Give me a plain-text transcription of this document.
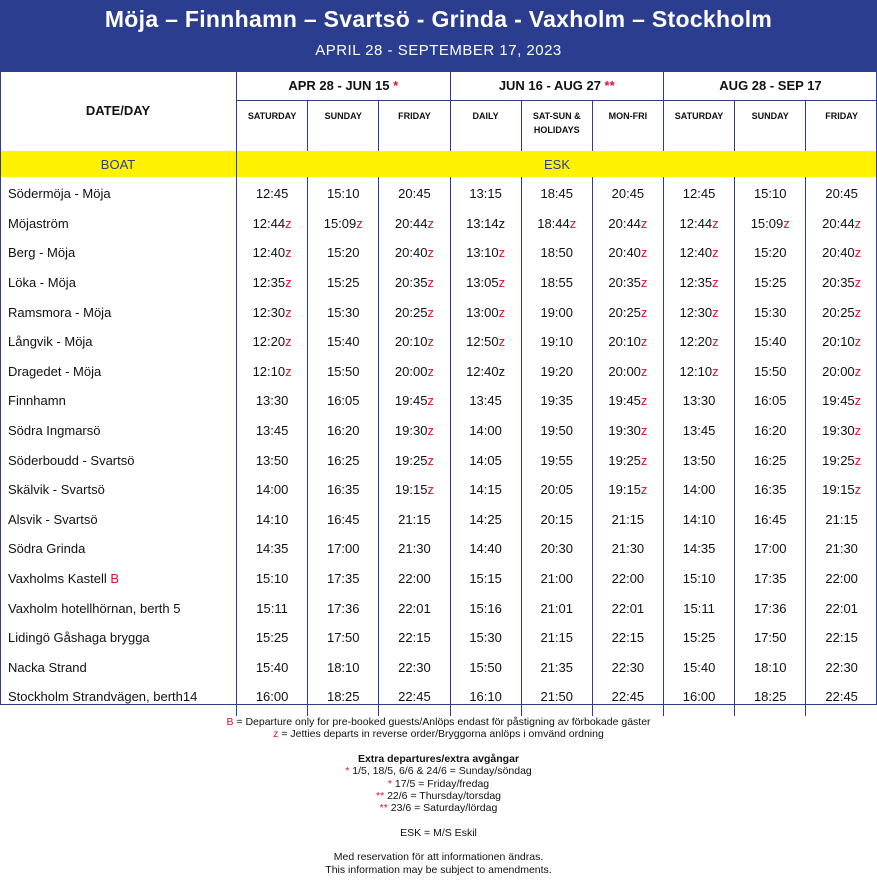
Möja – Finnhamn – Svartsö - Grinda - Vaxholm – Stockholm
APRIL 28 - SEPTEMBER 17, 2023
DATE/DAY	APR 28 - JUN 15 *			JUN 16 - AUG 27 **			AUG 28 - SEP 17		
	SATURDAY	SUNDAY	FRIDAY	DAILY	SAT-SUN &
HOLIDAYS	MON-FRI	SATURDAY	SUNDAY	FRIDAY

BOAT	ESK								

Södermöja - Möja	12:45	15:10	20:45	13:15	18:45	20:45	12:45	15:10	20:45
Möjaström	12:44z	15:09z	20:44z	13:14z	18:44z	20:44z	12:44z	15:09z	20:44z
Berg - Möja	12:40z	15:20	20:40z	13:10z	18:50	20:40z	12:40z	15:20	20:40z
Löka - Möja	12:35z	15:25	20:35z	13:05z	18:55	20:35z	12:35z	15:25	20:35z
Ramsmora - Möja	12:30z	15:30	20:25z	13:00z	19:00	20:25z	12:30z	15:30	20:25z
Långvik - Möja	12:20z	15:40	20:10z	12:50z	19:10	20:10z	12:20z	15:40	20:10z
Dragedet - Möja	12:10z	15:50	20:00z	12:40z	19:20	20:00z	12:10z	15:50	20:00z
Finnhamn	13:30	16:05	19:45z	13:45	19:35	19:45z	13:30	16:05	19:45z
Södra Ingmarsö	13:45	16:20	19:30z	14:00	19:50	19:30z	13:45	16:20	19:30z
Söderboudd - Svartsö	13:50	16:25	19:25z	14:05	19:55	19:25z	13:50	16:25	19:25z
Skälvik - Svartsö	14:00	16:35	19:15z	14:15	20:05	19:15z	14:00	16:35	19:15z
Alsvik - Svartsö	14:10	16:45	21:15	14:25	20:15	21:15	14:10	16:45	21:15
Södra Grinda	14:35	17:00	21:30	14:40	20:30	21:30	14:35	17:00	21:30
Vaxholms Kastell B	15:10	17:35	22:00	15:15	21:00	22:00	15:10	17:35	22:00
Vaxholm hotellhörnan, berth 5	15:11	17:36	22:01	15:16	21:01	22:01	15:11	17:36	22:01
Lidingö Gåshaga brygga	15:25	17:50	22:15	15:30	21:15	22:15	15:25	17:50	22:15
Nacka Strand	15:40	18:10	22:30	15:50	21:35	22:30	15:40	18:10	22:30
Stockholm Strandvägen, berth14	16:00	18:25	22:45	16:10	21:50	22:45	16:00	18:25	22:45

B = Departure only for pre-booked guests/Anlöps endast för påstigning av förbokade gäster
z = Jetties departs in reverse order/Bryggorna anlöps i omvänd ordning
Extra departures/extra avgångar
* 1/5, 18/5, 6/6 & 24/6 = Sunday/söndag
* 17/5 = Friday/fredag
** 22/6 = Thursday/torsdag
** 23/6 = Saturday/lördag
ESK = M/S Eskil
Med reservation för att informationen ändras.
This information may be subject to amendments.
